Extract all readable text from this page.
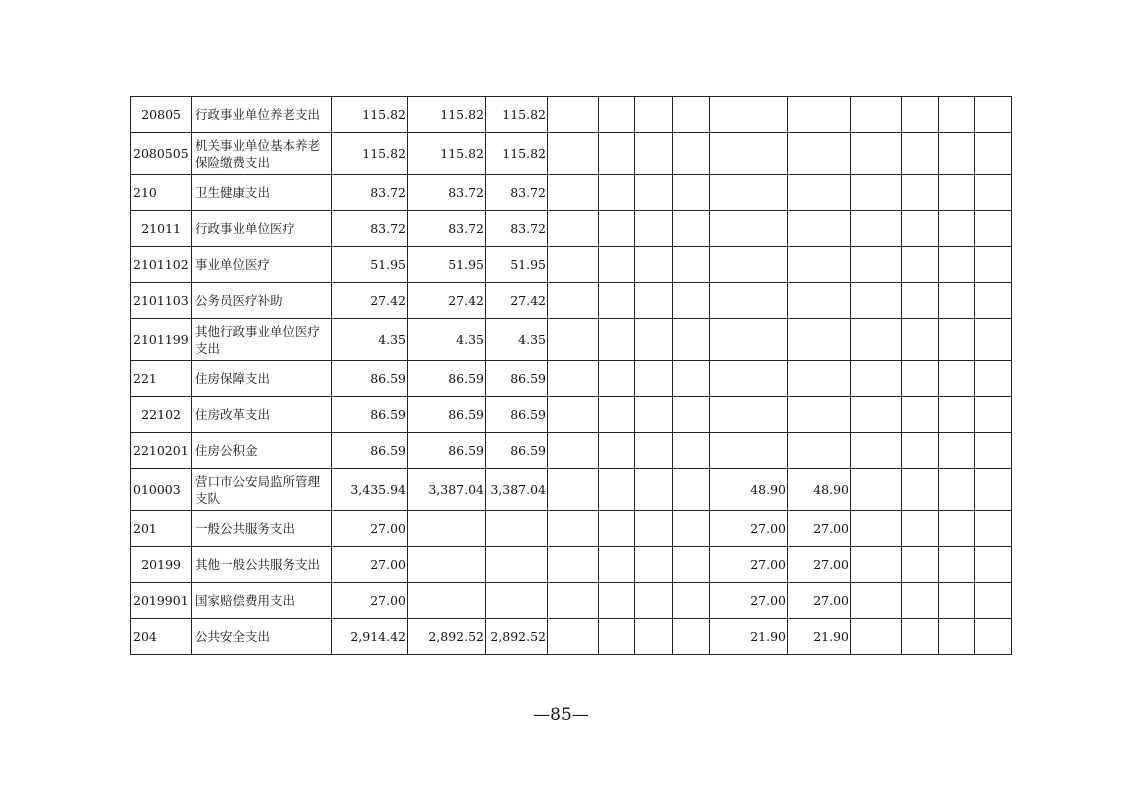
20805	行政事业单位养老支出	115.82	115.82	115.82										
2080505	机关事业单位基本养老保险缴费支出	115.82	115.82	115.82										
210	卫生健康支出	83.72	83.72	83.72										
21011	行政事业单位医疗	83.72	83.72	83.72										
2101102	事业单位医疗	51.95	51.95	51.95										
2101103	公务员医疗补助	27.42	27.42	27.42										
2101199	其他行政事业单位医疗支出	4.35	4.35	4.35										
221	住房保障支出	86.59	86.59	86.59										
22102	住房改革支出	86.59	86.59	86.59										
2210201	住房公积金	86.59	86.59	86.59										
010003	营口市公安局监所管理支队	3,435.94	3,387.04	3,387.04					48.90	48.90				
201	一般公共服务支出	27.00							27.00	27.00				
20199	其他一般公共服务支出	27.00							27.00	27.00				
2019901	国家赔偿费用支出	27.00							27.00	27.00				
204	公共安全支出	2,914.42	2,892.52	2,892.52					21.90	21.90				
—85—
